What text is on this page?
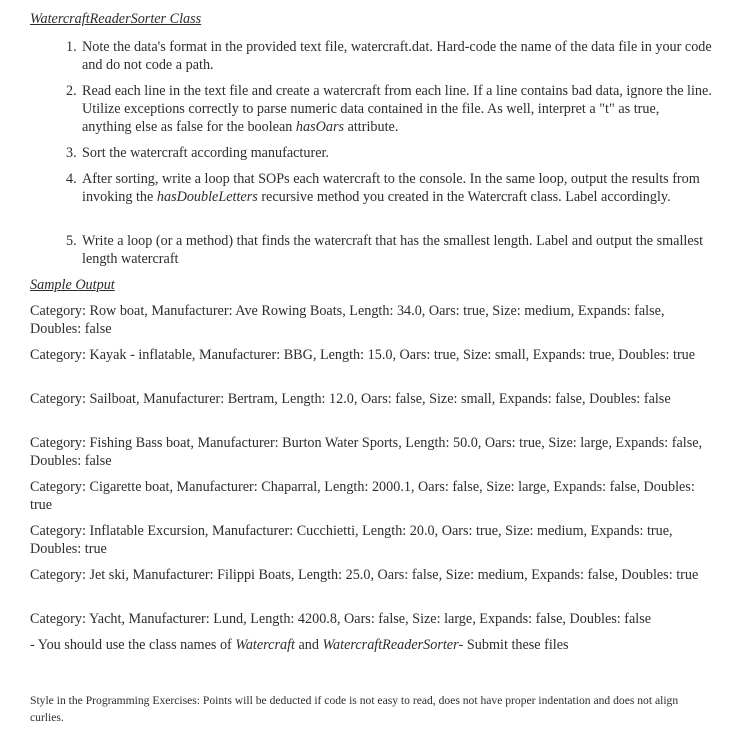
WatercraftReaderSorter Class
1. Note the data's format in the provided text file, watercraft.dat. Hard-code the name of the data file in your code and do not code a path.
2. Read each line in the text file and create a watercraft from each line. If a line contains bad data, ignore the line. Utilize exceptions correctly to parse numeric data contained in the file. As well, interpret a "t" as true, anything else as false for the boolean hasOars attribute.
3. Sort the watercraft according manufacturer.
4. After sorting, write a loop that SOPs each watercraft to the console. In the same loop, output the results from invoking the hasDoubleLetters recursive method you created in the Watercraft class. Label accordingly.
5. Write a loop (or a method) that finds the watercraft that has the smallest length. Label and output the smallest length watercraft
Sample Output

Category: Row boat, Manufacturer: Ave Rowing Boats, Length: 34.0, Oars: true, Size: medium, Expands: false, Doubles: false

Category: Kayak - inflatable, Manufacturer: BBG, Length: 15.0, Oars: true, Size: small, Expands: true, Doubles: true

Category: Sailboat, Manufacturer: Bertram, Length: 12.0, Oars: false, Size: small, Expands: false, Doubles: false

Category: Fishing Bass boat, Manufacturer: Burton Water Sports, Length: 50.0, Oars: true, Size: large, Expands: false, Doubles: false

Category: Cigarette boat, Manufacturer: Chaparral, Length: 2000.1, Oars: false, Size: large, Expands: false, Doubles: true

Category: Inflatable Excursion, Manufacturer: Cucchietti, Length: 20.0, Oars: true, Size: medium, Expands: true, Doubles: true

Category: Jet ski, Manufacturer: Filippi Boats, Length: 25.0, Oars: false, Size: medium, Expands: false, Doubles: true

Category: Yacht, Manufacturer: Lund, Length: 4200.8, Oars: false, Size: large, Expands: false, Doubles: false

- You should use the class names of Watercraft and WatercraftReaderSorter- Submit these files

Style in the Programming Exercises: Points will be deducted if code is not easy to read, does not have proper indentation and does not align curlies.
